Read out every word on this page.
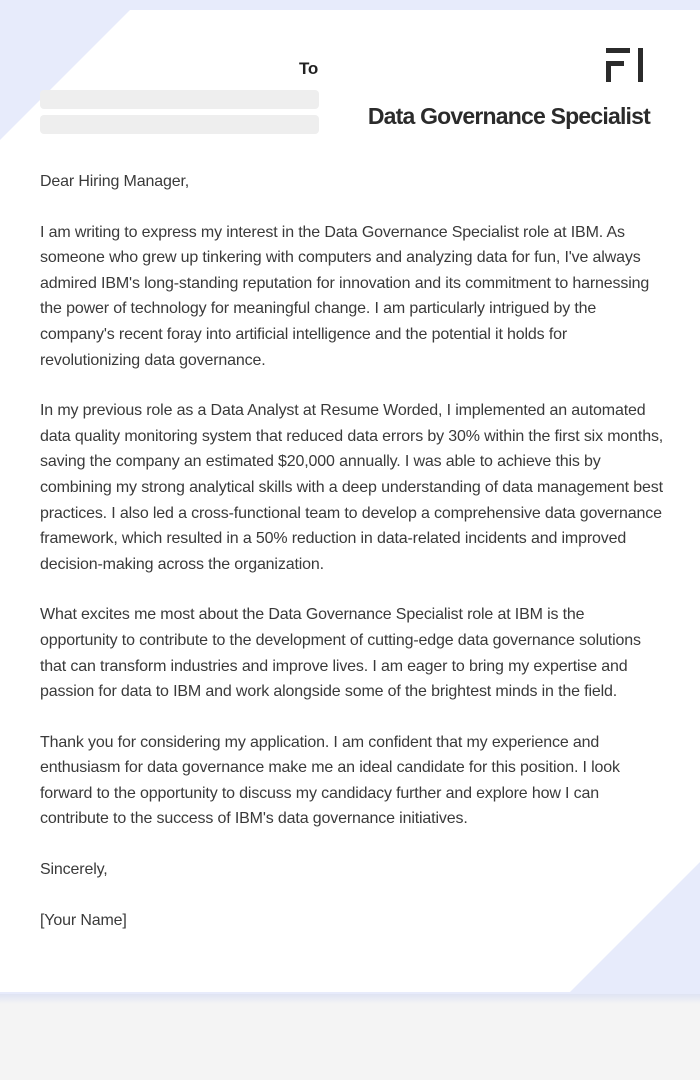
To
Data Governance Specialist

Dear Hiring Manager,

I am writing to express my interest in the Data Governance Specialist role at IBM. As someone who grew up tinkering with computers and analyzing data for fun, I've always admired IBM's long-standing reputation for innovation and its commitment to harnessing the power of technology for meaningful change. I am particularly intrigued by the company's recent foray into artificial intelligence and the potential it holds for revolutionizing data governance.

In my previous role as a Data Analyst at Resume Worded, I implemented an automated data quality monitoring system that reduced data errors by 30% within the first six months, saving the company an estimated $20,000 annually. I was able to achieve this by combining my strong analytical skills with a deep understanding of data management best practices. I also led a cross-functional team to develop a comprehensive data governance framework, which resulted in a 50% reduction in data-related incidents and improved decision-making across the organization.

What excites me most about the Data Governance Specialist role at IBM is the opportunity to contribute to the development of cutting-edge data governance solutions that can transform industries and improve lives. I am eager to bring my expertise and passion for data to IBM and work alongside some of the brightest minds in the field.

Thank you for considering my application. I am confident that my experience and enthusiasm for data governance make me an ideal candidate for this position. I look forward to the opportunity to discuss my candidacy further and explore how I can contribute to the success of IBM's data governance initiatives.

Sincerely,

[Your Name]
